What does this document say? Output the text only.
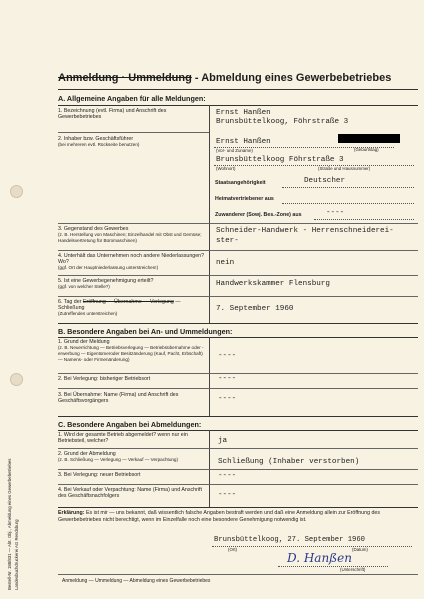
Anmeldung · Ummeldung - Abmeldung eines Gewerbebetriebes
A. Allgemeine Angaben für alle Meldungen:
1. Bezeichnung (evtl. Firma) und Anschrift des Gewerbebetriebes
Ernst Hanßen
Brunsbüttelkoog, Föhrstraße 3
2. Inhaber bzw. Geschäftsführer
(bei mehreren evtl. Rückseite benutzen)
(Geburtstag)
Ernst Hanßen
(Vor- und Zuname)
Brunsbüttelkoog Föhrstraße 3
(Wohnort)	(Straße und Hausnummer)
Staatsangehörigkeit	Deutscher
Heimatvertriebener aus
Zuwanderer (Sowj. Bes.-Zone) aus	----
3. Gegenstand des Gewerbes
(z. B. Herstellung von Maschinen; Einzelhandel mit Obst und Gemüse; Handelsvertretung für Büromaschinen)
Schneider-Handwerk - Herrenschneiderei-
ster-
4. Unterhält das Unternehmen noch andere Niederlassungen? Wo?
(ggf. Ort der Hauptniederlassung unterstreichen!)
nein
5. Ist eine Gewerbegenehmigung erteilt?
(ggf. von welcher Stelle?)	Handwerkskammer Flensburg
6. Tag der Eröffnung — Übernahme — Verlegung — Schließung
(Zutreffendes unterstreichen)
7. September 1960
B. Besondere Angaben bei An- und Ummeldungen:
1. Grund der Meldung
(z. B. Neuerrichtung — Betriebsverlegung — Betriebsübernahme oder -erwerbung — Eigentümeroder Besitzänderung (Kauf, Pacht, Erbschaft) — Namens- oder Firmenänderung)	----
2. Bei Verlegung: bisheriger Betriebsort	----
3. Bei Übernahme: Name (Firma) und Anschrift des Geschäftsvorgängers	----
C. Besondere Angaben bei Abmeldungen:
1. Wird der gesamte Betrieb abgemeldet? wenn nur ein Betriebsteil, welcher?	ja
2. Grund der Abmeldung
(z. B. Schließung — Verlegung — Verkauf — Verpachtung)	Schließung (Inhaber verstorben)
3. Bei Verlegung: neuer Betriebsort	----
4. Bei Verkauf oder Verpachtung: Name (Firma) und Anschrift des Geschäftsnachfolgers	----
Erklärung: Es ist mir — uns bekannt, daß wissentlich falsche Angaben bestraft werden und daß eine Anmeldung allein zur Eröffnung des Gewerbebetriebes nicht berechtigt, wenn im Einzelfalle noch eine besondere Genehmigung notwendig ist.
Brunsbüttelkoog, 27. September 1960
(Ort)	(Datum)
D. Hanßen
(Unterschrift)
Anmeldung — Ummeldung — Abmeldung eines Gewerbebetriebes
Bestell-Nr. 188/831 — Abt. Obj., Abmeldung eines Gewerbebetriebes Landesbuchdruckerei AG Rendsburg
